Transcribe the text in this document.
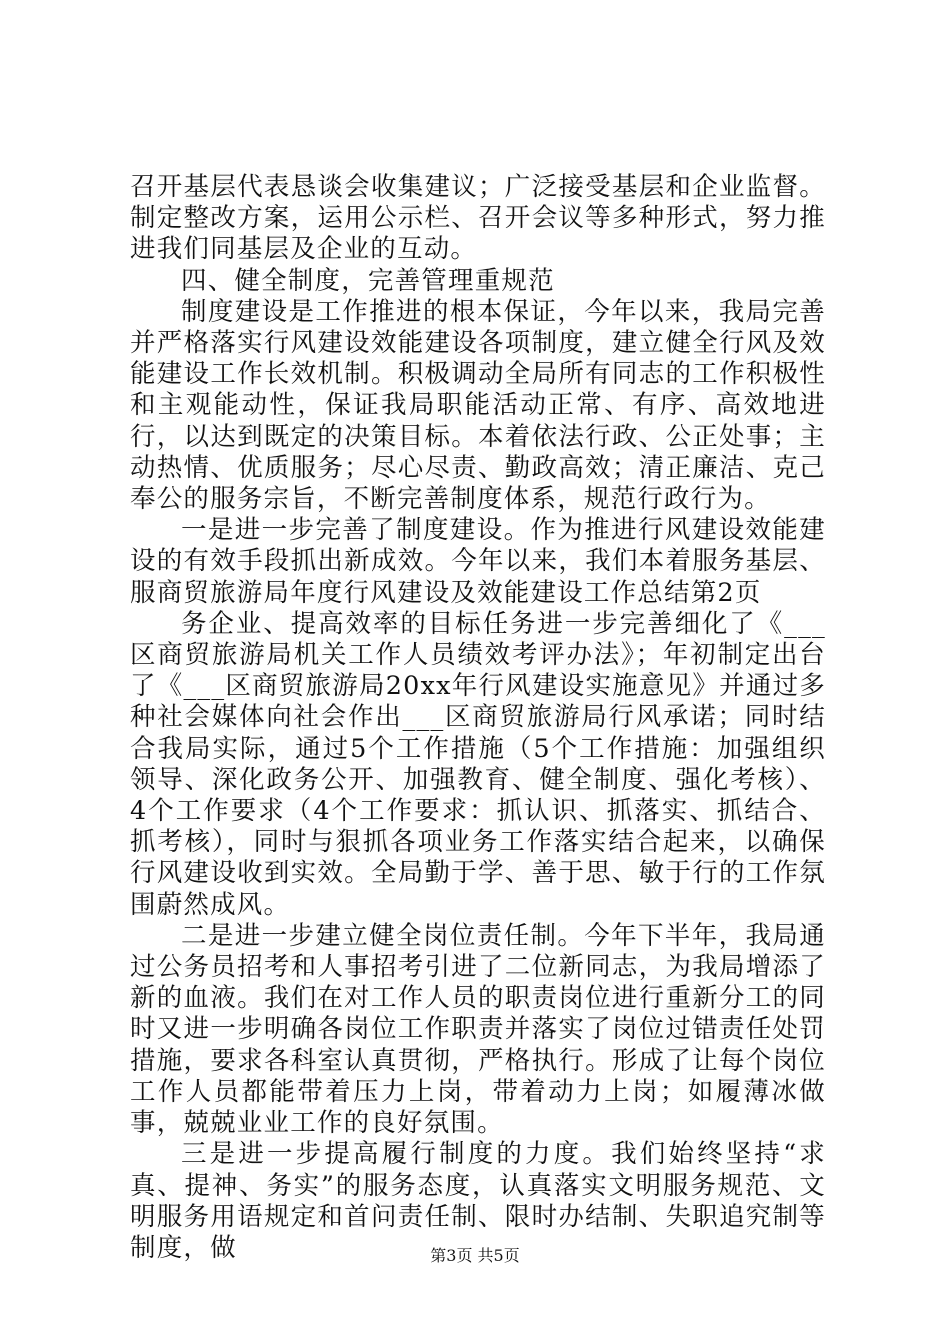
召开基层代表恳谈会收集建议；广泛接受基层和企业监督。制定整改方案，运用公示栏、召开会议等多种形式，努力推进我们同基层及企业的互动。

四、健全制度，完善管理重规范

制度建设是工作推进的根本保证，今年以来，我局完善并严格落实行风建设效能建设各项制度，建立健全行风及效能建设工作长效机制。积极调动全局所有同志的工作积极性和主观能动性，保证我局职能活动正常、有序、高效地进行，以达到既定的决策目标。本着依法行政、公正处事；主动热情、优质服务；尽心尽责、勤政高效；清正廉洁、克己奉公的服务宗旨，不断完善制度体系，规范行政行为。

一是进一步完善了制度建设。作为推进行风建设效能建设的有效手段抓出新成效。今年以来，我们本着服务基层、服商贸旅游局年度行风建设及效能建设工作总结第2页

务企业、提高效率的目标任务进一步完善细化了《___区商贸旅游局机关工作人员绩效考评办法》；年初制定出台了《___区商贸旅游局20xx年行风建设实施意见》并通过多种社会媒体向社会作出___区商贸旅游局行风承诺；同时结合我局实际，通过5个工作措施（5个工作措施：加强组织领导、深化政务公开、加强教育、健全制度、强化考核）、4个工作要求（4个工作要求：抓认识、抓落实、抓结合、抓考核），同时与狠抓各项业务工作落实结合起来，以确保行风建设收到实效。全局勤于学、善于思、敏于行的工作氛围蔚然成风。

二是进一步建立健全岗位责任制。今年下半年，我局通过公务员招考和人事招考引进了二位新同志，为我局增添了新的血液。我们在对工作人员的职责岗位进行重新分工的同时又进一步明确各岗位工作职责并落实了岗位过错责任处罚措施，要求各科室认真贯彻，严格执行。形成了让每个岗位工作人员都能带着压力上岗，带着动力上岗；如履薄冰做事，兢兢业业工作的良好氛围。

三是进一步提高履行制度的力度。我们始终坚持“求真、提神、务实”的服务态度，认真落实文明服务规范、文明服务用语规定和首问责任制、限时办结制、失职追究制等制度，做	第3页 共5页
